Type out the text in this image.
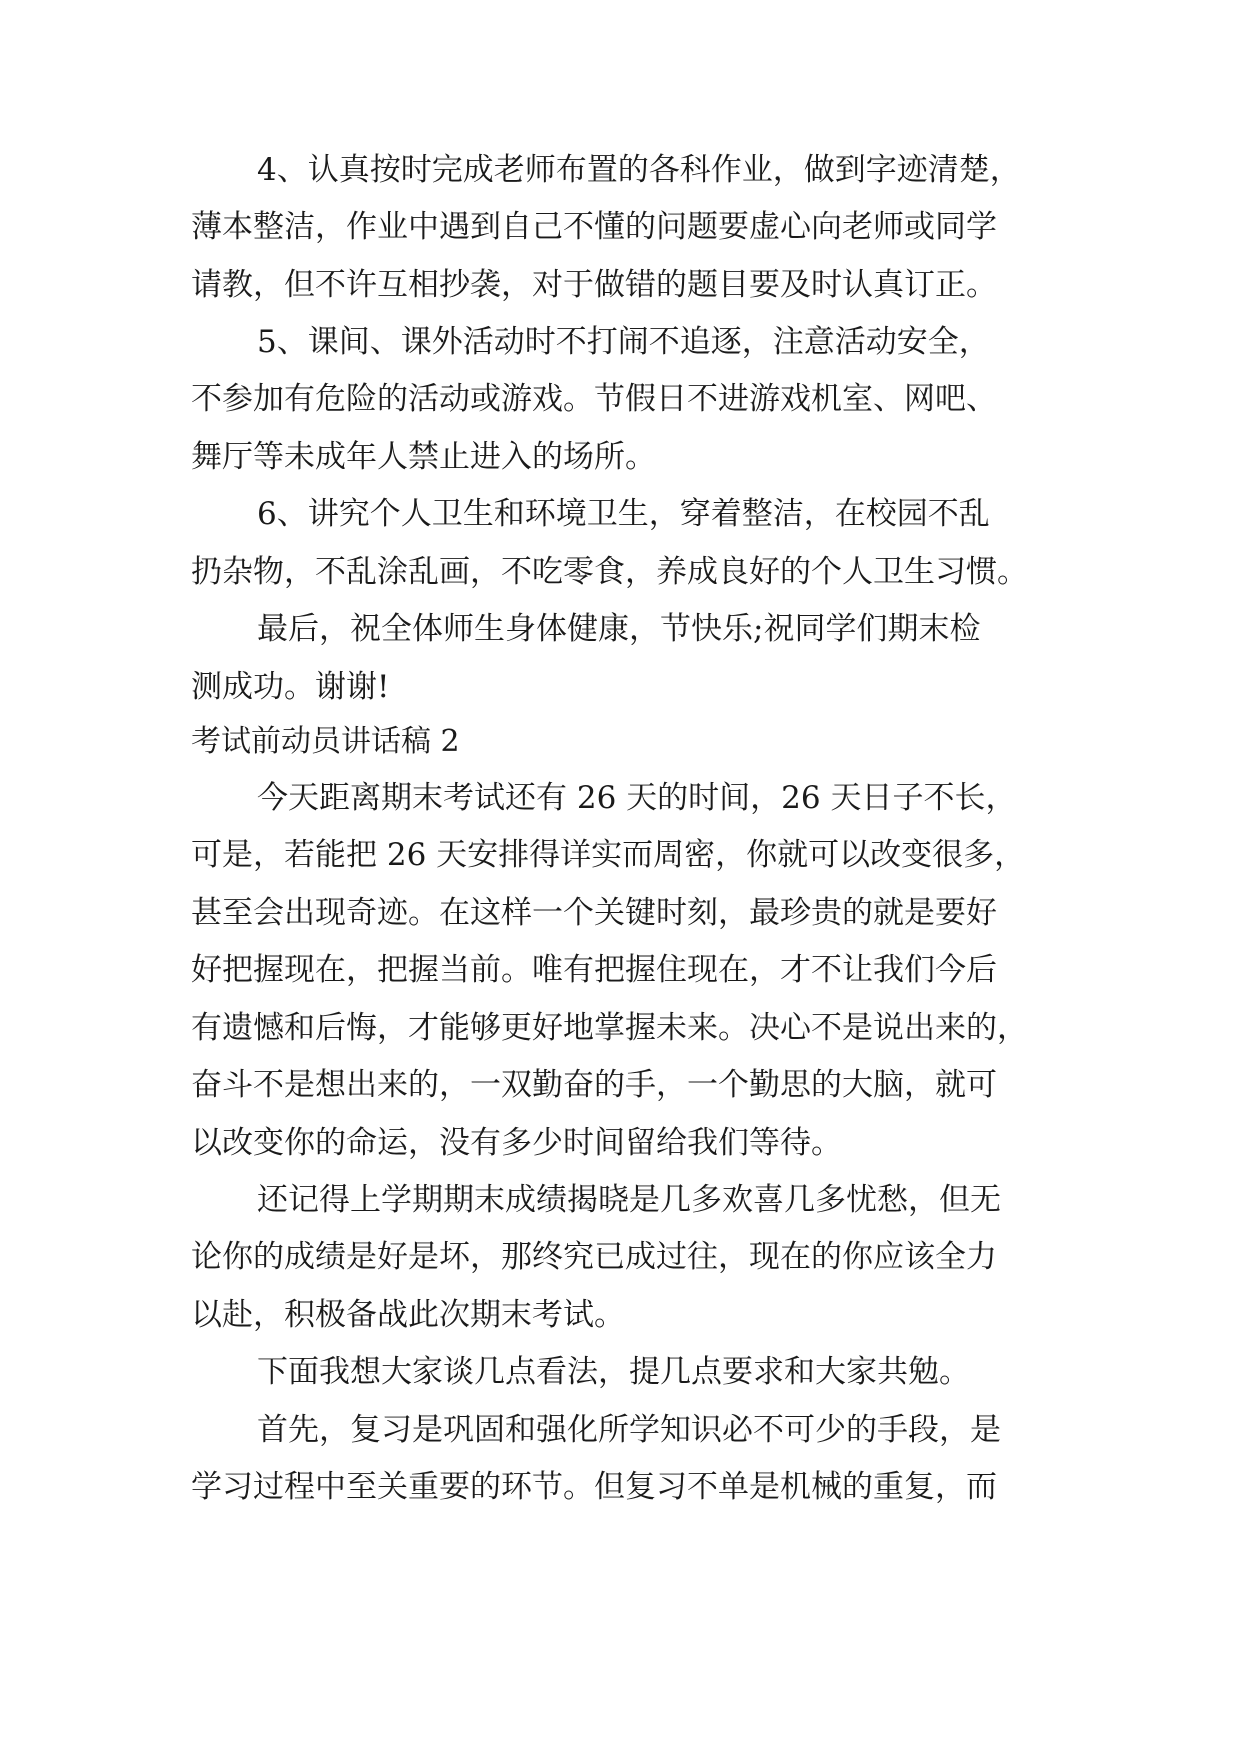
4、认真按时完成老师布置的各科作业，做到字迹清楚，
薄本整洁，作业中遇到自己不懂的问题要虚心向老师或同学
请教，但不许互相抄袭，对于做错的题目要及时认真订正。
5、课间、课外活动时不打闹不追逐，注意活动安全，
不参加有危险的活动或游戏。节假日不进游戏机室、网吧、
舞厅等未成年人禁止进入的场所。
6、讲究个人卫生和环境卫生，穿着整洁，在校园不乱
扔杂物，不乱涂乱画，不吃零食，养成良好的个人卫生习惯。
最后，祝全体师生身体健康，节快乐;祝同学们期末检
测成功。谢谢!
考试前动员讲话稿 2
今天距离期末考试还有 26 天的时间，26 天日子不长，
可是，若能把 26 天安排得详实而周密，你就可以改变很多，
甚至会出现奇迹。在这样一个关键时刻，最珍贵的就是要好
好把握现在，把握当前。唯有把握住现在，才不让我们今后
有遗憾和后悔，才能够更好地掌握未来。决心不是说出来的，
奋斗不是想出来的，一双勤奋的手，一个勤思的大脑，就可
以改变你的命运，没有多少时间留给我们等待。
还记得上学期期末成绩揭晓是几多欢喜几多忧愁，但无
论你的成绩是好是坏，那终究已成过往，现在的你应该全力
以赴，积极备战此次期末考试。
下面我想大家谈几点看法，提几点要求和大家共勉。
首先，复习是巩固和强化所学知识必不可少的手段，是
学习过程中至关重要的环节。但复习不单是机械的重复，而
